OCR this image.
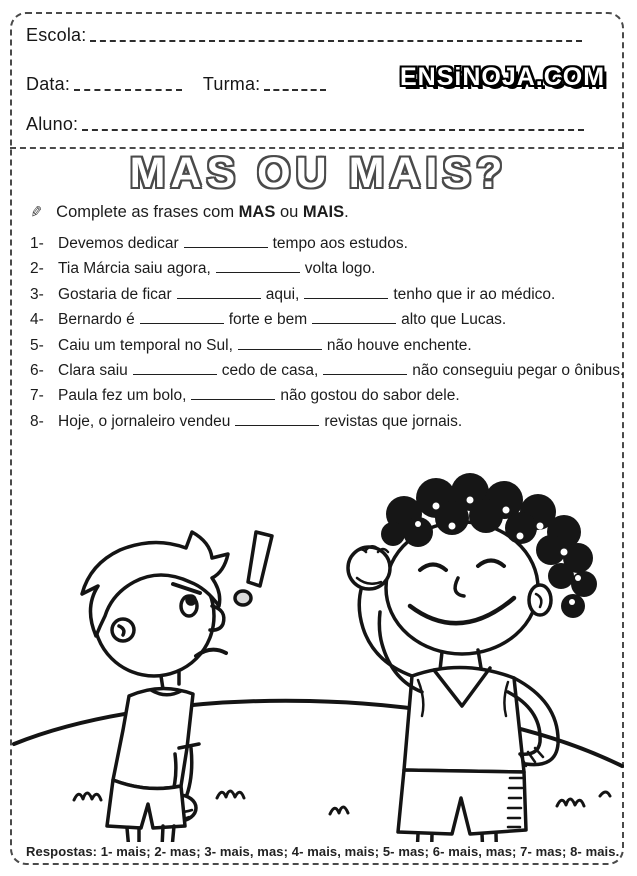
Escola:
Data:	Turma:	ENSiNOJA.COM
Aluno:
MAS OU MAIS?
✎ Complete as frases com MAS ou MAIS.
1- Devemos dedicar	tempo aos estudos.
2- Tia Márcia saiu agora,	volta logo.
3- Gostaria de ficar	aqui,	tenho que ir ao médico.
4- Bernardo é	forte e bem	alto que Lucas.
5- Caiu um temporal no Sul,	não houve enchente.
6- Clara saiu	cedo de casa,	não conseguiu pegar o ônibus.
7- Paula fez um bolo,	não gostou do sabor dele.
8- Hoje, o jornaleiro vendeu	revistas que jornais.
Respostas: 1- mais; 2- mas; 3- mais, mas; 4- mais, mais; 5- mas; 6- mais, mas; 7- mas; 8- mais.
